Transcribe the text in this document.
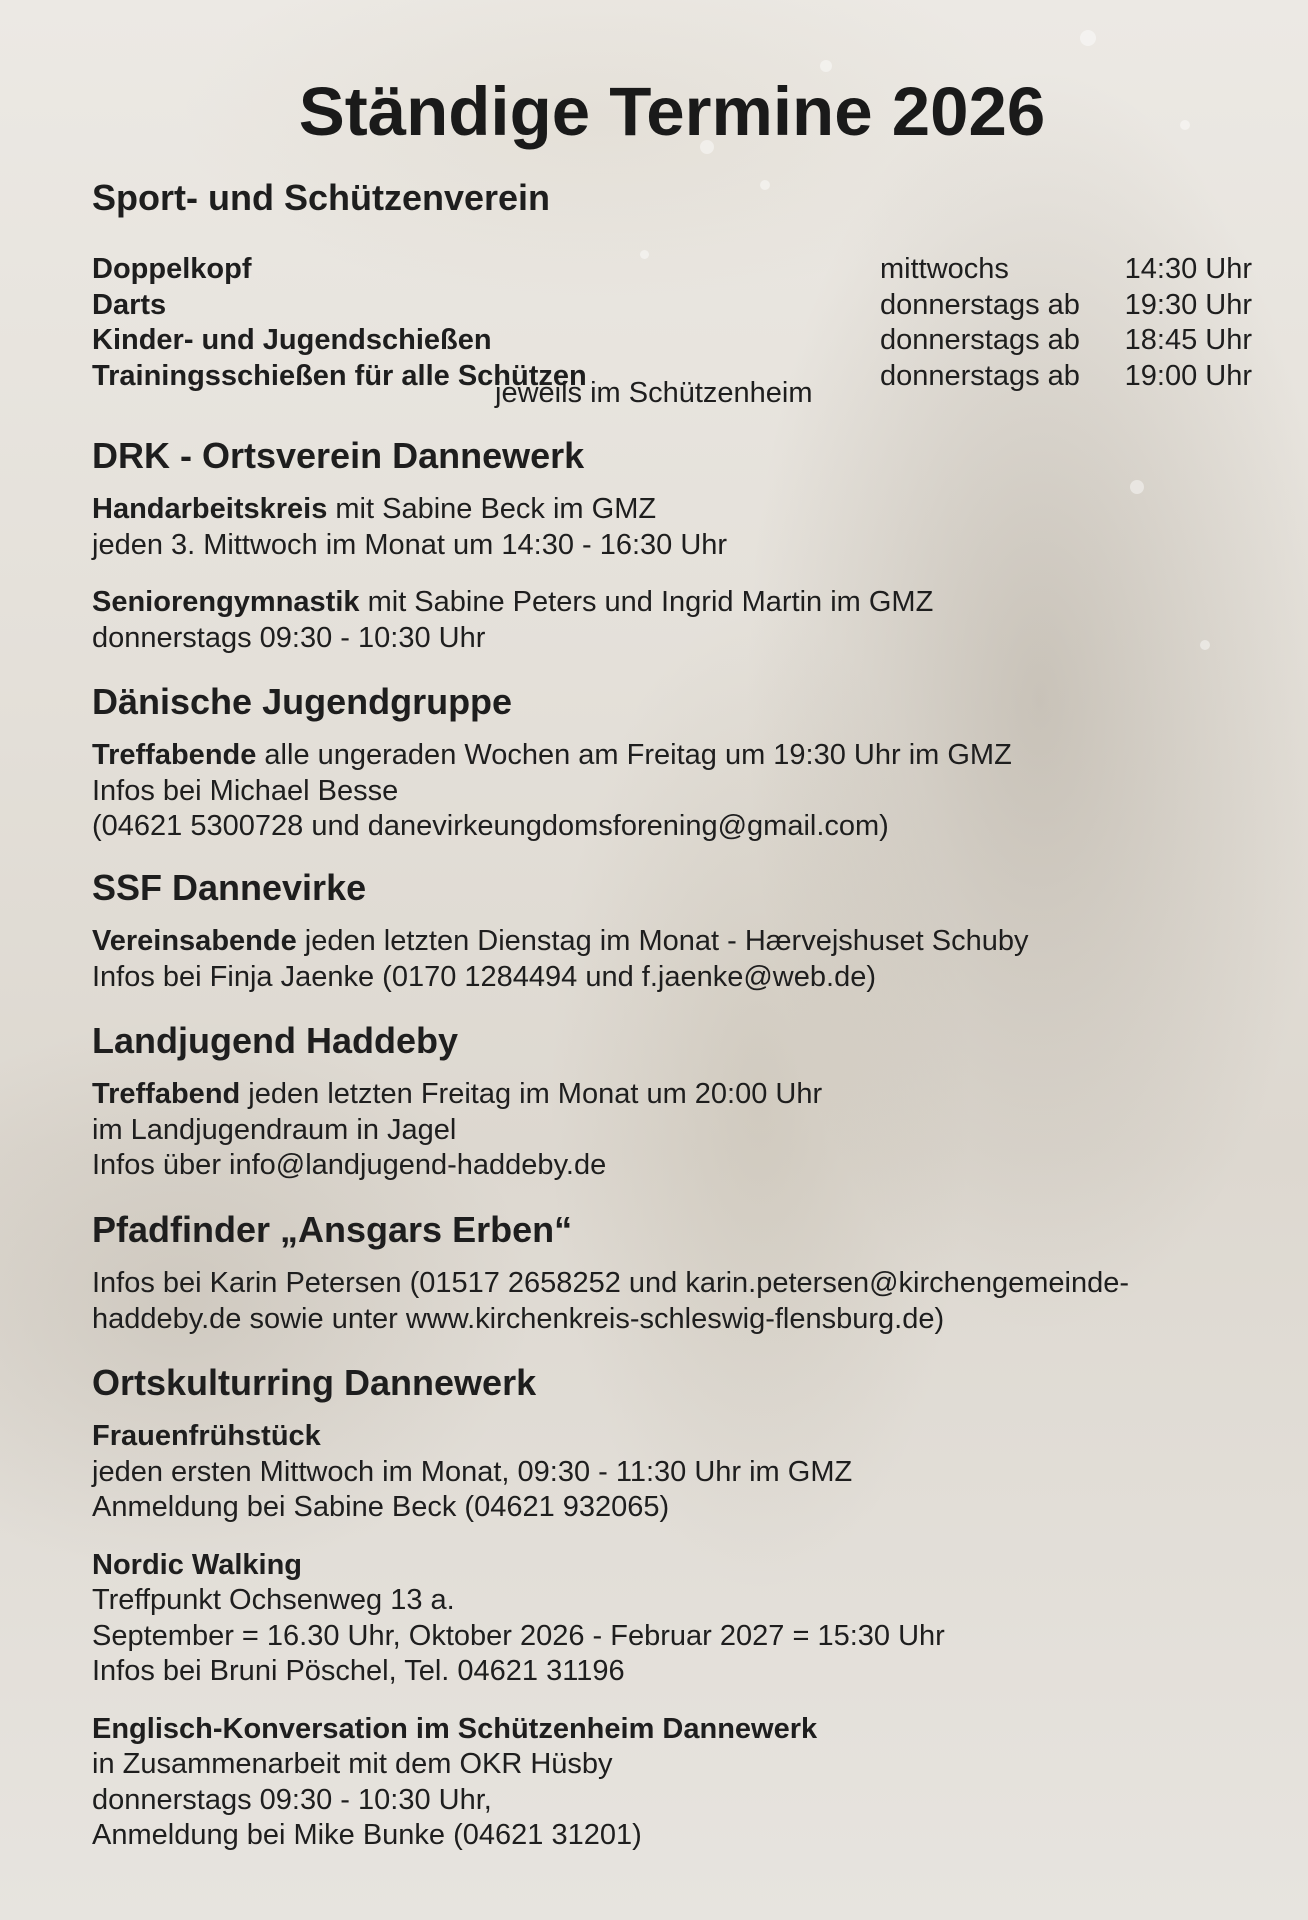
Ständige Termine 2026
Sport- und Schützenverein
Doppelkopf	mittwochs	14:30 Uhr
Darts	donnerstags ab 19:30 Uhr
Kinder- und Jugendschießen	donnerstags ab 18:45 Uhr
Trainingsschießen für alle Schützen	donnerstags ab 19:00 Uhr
jeweils im Schützenheim
DRK - Ortsverein Dannewerk
Handarbeitskreis mit Sabine Beck im GMZ
jeden 3. Mittwoch im Monat um 14:30 - 16:30 Uhr
Seniorengymnastik mit Sabine Peters und Ingrid Martin im GMZ
donnerstags 09:30 - 10:30 Uhr
Dänische Jugendgruppe
Treffabende alle ungeraden Wochen am Freitag um 19:30 Uhr im GMZ
Infos bei Michael Besse
(04621 5300728 und danevirkeungdomsforening@gmail.com)
SSF Dannevirke
Vereinsabende jeden letzten Dienstag im Monat - Hærvejshuset Schuby
Infos bei Finja Jaenke (0170 1284494 und f.jaenke@web.de)
Landjugend Haddeby
Treffabend jeden letzten Freitag im Monat um 20:00 Uhr
im Landjugendraum in Jagel
Infos über info@landjugend-haddeby.de
Pfadfinder „Ansgars Erben“
Infos bei Karin Petersen (01517 2658252 und karin.petersen@kirchengemeinde-
haddeby.de sowie unter www.kirchenkreis-schleswig-flensburg.de)
Ortskulturring Dannewerk
Frauenfrühstück
jeden ersten Mittwoch im Monat, 09:30 - 11:30 Uhr im GMZ
Anmeldung bei Sabine Beck (04621 932065)
Nordic Walking
Treffpunkt Ochsenweg 13 a.
September = 16.30 Uhr, Oktober 2026 - Februar 2027 = 15:30 Uhr
Infos bei Bruni Pöschel, Tel. 04621 31196
Englisch-Konversation im Schützenheim Dannewerk
in Zusammenarbeit mit dem OKR Hüsby
donnerstags 09:30 - 10:30 Uhr,
Anmeldung bei Mike Bunke (04621 31201)
